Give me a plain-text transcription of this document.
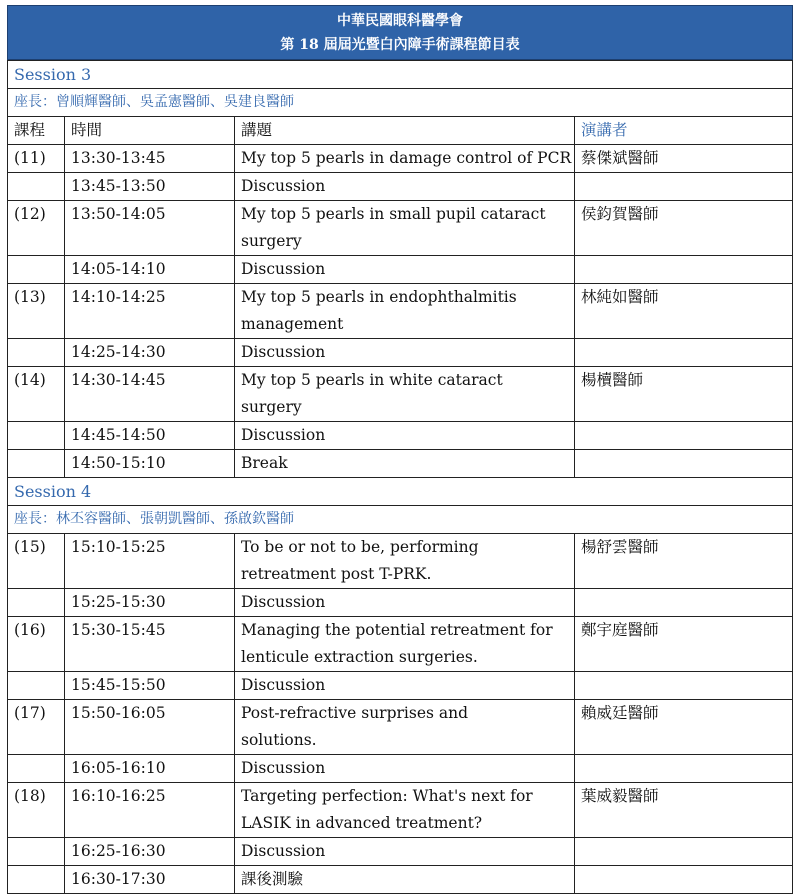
中華民國眼科醫學會
第 18 屆屆光暨白內障手術課程節目表
Session 3			
座長：曾順輝醫師、吳孟憲醫師、吳建良醫師			
課程	時間	講題	演講者
(11)	13:30-13:45	My top 5 pearls in damage control of PCR	蔡傑斌醫師
	13:45-13:50	Discussion	

(12)	13:50-14:05	My top 5 pearls in small pupil cataract
surgery	侯鈞賀醫師
	14:05-14:10	Discussion	

(13)	14:10-14:25	My top 5 pearls in endophthalmitis
management	林純如醫師
	14:25-14:30	Discussion	

(14)	14:30-14:45	My top 5 pearls in white cataract
surgery	楊櫝醫師
	14:45-14:50	Discussion	

	14:50-15:10	Break	

Session 4			
座長：林丕容醫師、張朝凱醫師、孫啟欽醫師			
(15)	15:10-15:25	To be or not to be, performing
retreatment post T-PRK.	楊舒雲醫師
	15:25-15:30	Discussion	

(16)	15:30-15:45	Managing the potential retreatment for
lenticule extraction surgeries.	鄭宇庭醫師
	15:45-15:50	Discussion	

(17)	15:50-16:05	Post-refractive surprises and
solutions.	賴威廷醫師
	16:05-16:10	Discussion	

(18)	16:10-16:25	Targeting perfection: What's next for
LASIK in advanced treatment?	葉威毅醫師
	16:25-16:30	Discussion	

	16:30-17:30	課後測驗	
